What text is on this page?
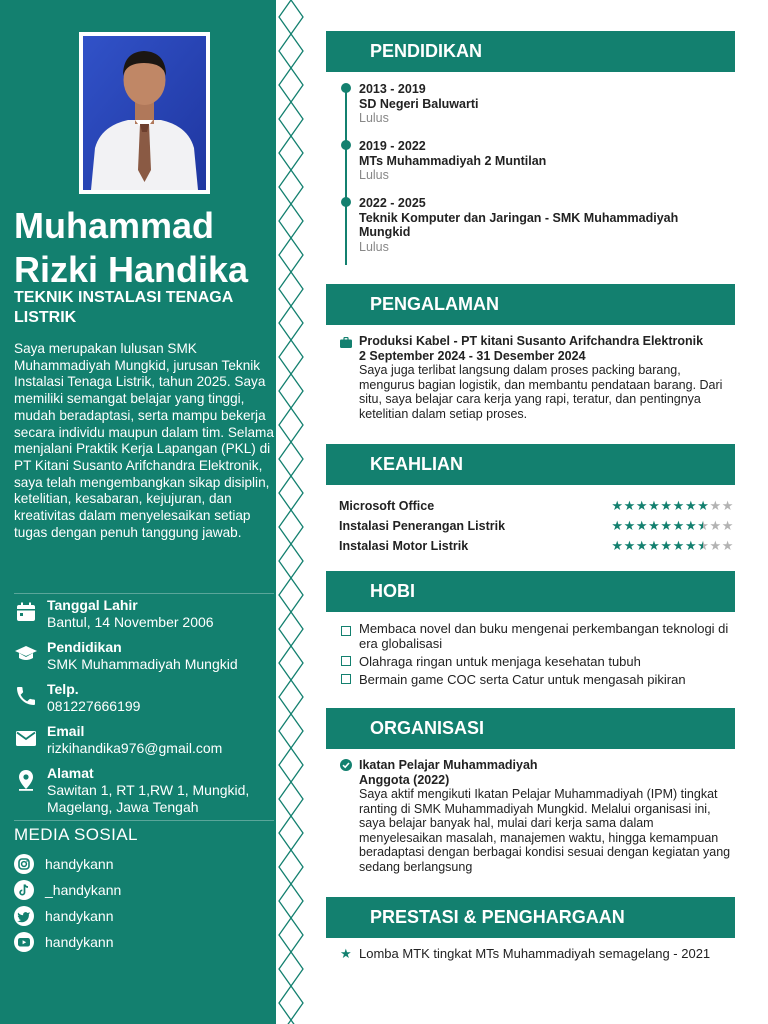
Muhammad Rizki Handika
TEKNIK INSTALASI TENAGA LISTRIK
Saya merupakan lulusan SMK Muhammadiyah Mungkid, jurusan Teknik Instalasi Tenaga Listrik, tahun 2025. Saya memiliki semangat belajar yang tinggi, mudah beradaptasi, serta mampu bekerja secara individu maupun dalam tim. Selama menjalani Praktik Kerja Lapangan (PKL) di PT Kitani Susanto Arifchandra Elektronik, saya telah mengembangkan sikap disiplin, ketelitian, kesabaran, kejujuran, dan kreativitas dalam menyelesaikan setiap tugas dengan penuh tanggung jawab.
Tanggal Lahir
Bantul, 14 November 2006
Pendidikan
SMK Muhammadiyah Mungkid
Telp.
081227666199
Email
rizkihandika976@gmail.com
Alamat
Sawitan 1, RT 1,RW 1, Mungkid, Magelang, Jawa Tengah
MEDIA SOSIAL
handykann
_handykann
handykann
handykann
PENDIDIKAN
2013 - 2019
SD Negeri Baluwarti
Lulus
2019 - 2022
MTs Muhammadiyah 2 Muntilan
Lulus
2022 - 2025
Teknik Komputer dan Jaringan - SMK Muhammadiyah Mungkid
Lulus
PENGALAMAN
Produksi Kabel - PT kitani Susanto Arifchandra Elektronik
2 September 2024 - 31 Desember 2024
Saya juga terlibat langsung dalam proses packing barang, mengurus bagian logistik, dan membantu pendataan barang. Dari situ, saya belajar cara kerja yang rapi, teratur, dan pentingnya ketelitian dalam setiap proses.
KEAHLIAN
Microsoft Office	★★★★★★★★★★
Instalasi Penerangan Listrik	★★★★★★★★★★
Instalasi Motor Listrik	★★★★★★★★★★
HOBI
Membaca novel dan buku mengenai perkembangan teknologi di era globalisasi
Olahraga ringan untuk menjaga kesehatan tubuh
Bermain game COC serta Catur untuk mengasah pikiran
ORGANISASI
Ikatan Pelajar Muhammadiyah
Anggota (2022)
Saya aktif mengikuti Ikatan Pelajar Muhammadiyah (IPM) tingkat ranting di SMK Muhammadiyah Mungkid. Melalui organisasi ini, saya belajar banyak hal, mulai dari kerja sama dalam menyelesaikan masalah, manajemen waktu, hingga kemampuan beradaptasi dengan berbagai kondisi sesuai dengan kegiatan yang sedang berlangsung
PRESTASI & PENGHARGAAN
★ Lomba MTK tingkat MTs Muhammadiyah semagelang - 2021
